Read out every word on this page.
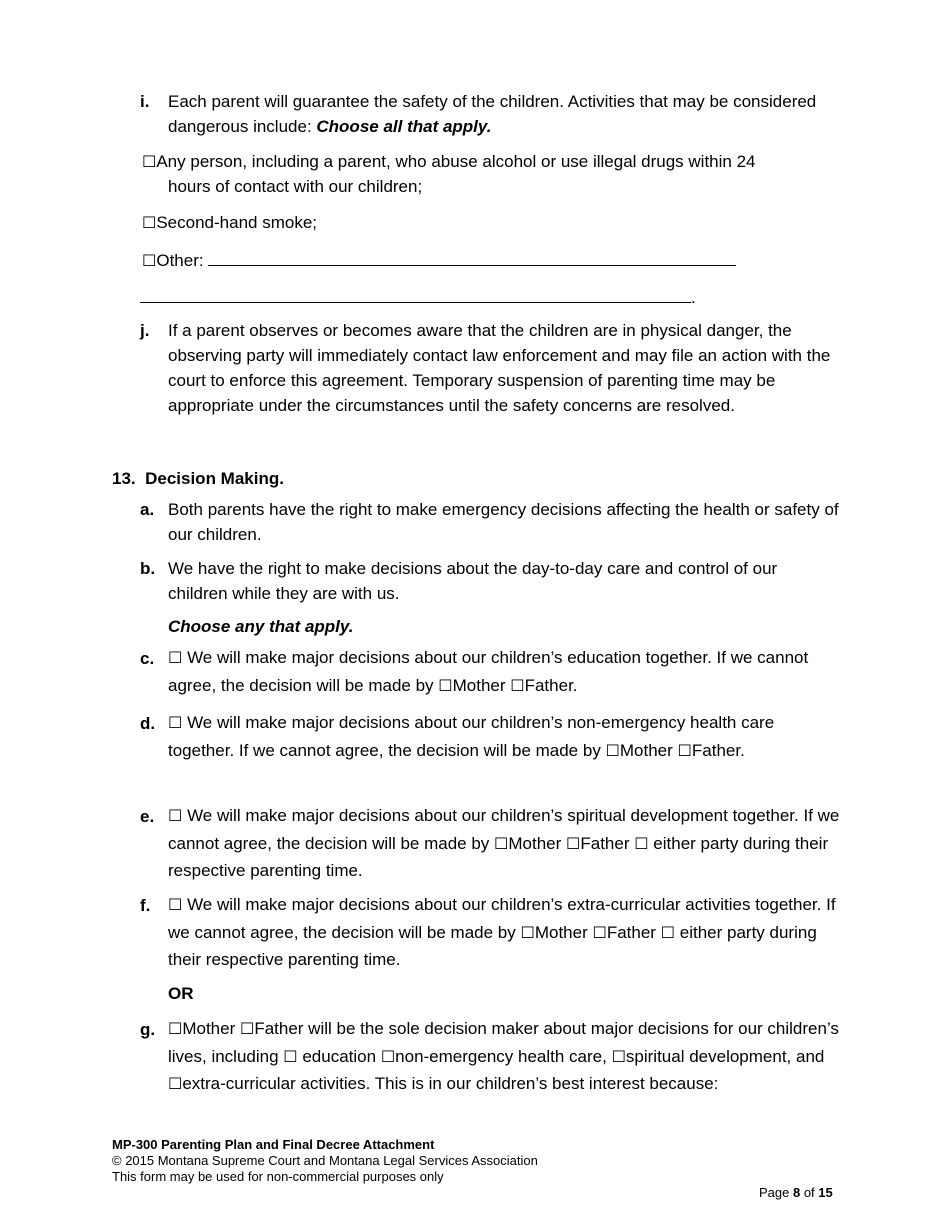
i. Each parent will guarantee the safety of the children. Activities that may be considered dangerous include: Choose all that apply.
☐Any person, including a parent, who abuse alcohol or use illegal drugs within 24
hours of contact with our children;
☐Second-hand smoke;
☐Other:
.
j. If a parent observes or becomes aware that the children are in physical danger, the observing party will immediately contact law enforcement and may file an action with the court to enforce this agreement. Temporary suspension of parenting time may be appropriate under the circumstances until the safety concerns are resolved.
13. Decision Making.
a. Both parents have the right to make emergency decisions affecting the health or safety of our children.
b. We have the right to make decisions about the day-to-day care and control of our children while they are with us.
Choose any that apply.
c. ☐ We will make major decisions about our children’s education together. If we cannot agree, the decision will be made by ☐Mother ☐Father.
d. ☐ We will make major decisions about our children’s non-emergency health care together. If we cannot agree, the decision will be made by ☐Mother ☐Father.
e. ☐ We will make major decisions about our children’s spiritual development together. If we cannot agree, the decision will be made by ☐Mother ☐Father ☐ either party during their respective parenting time.
f. ☐ We will make major decisions about our children’s extra-curricular activities together. If we cannot agree, the decision will be made by ☐Mother ☐Father ☐ either party during their respective parenting time.
OR
g. ☐Mother ☐Father will be the sole decision maker about major decisions for our children’s lives, including ☐ education ☐non-emergency health care, ☐spiritual development, and ☐extra-curricular activities. This is in our children’s best interest because:
MP-300 Parenting Plan and Final Decree Attachment
© 2015 Montana Supreme Court and Montana Legal Services Association
This form may be used for non-commercial purposes only
Page 8 of 15
